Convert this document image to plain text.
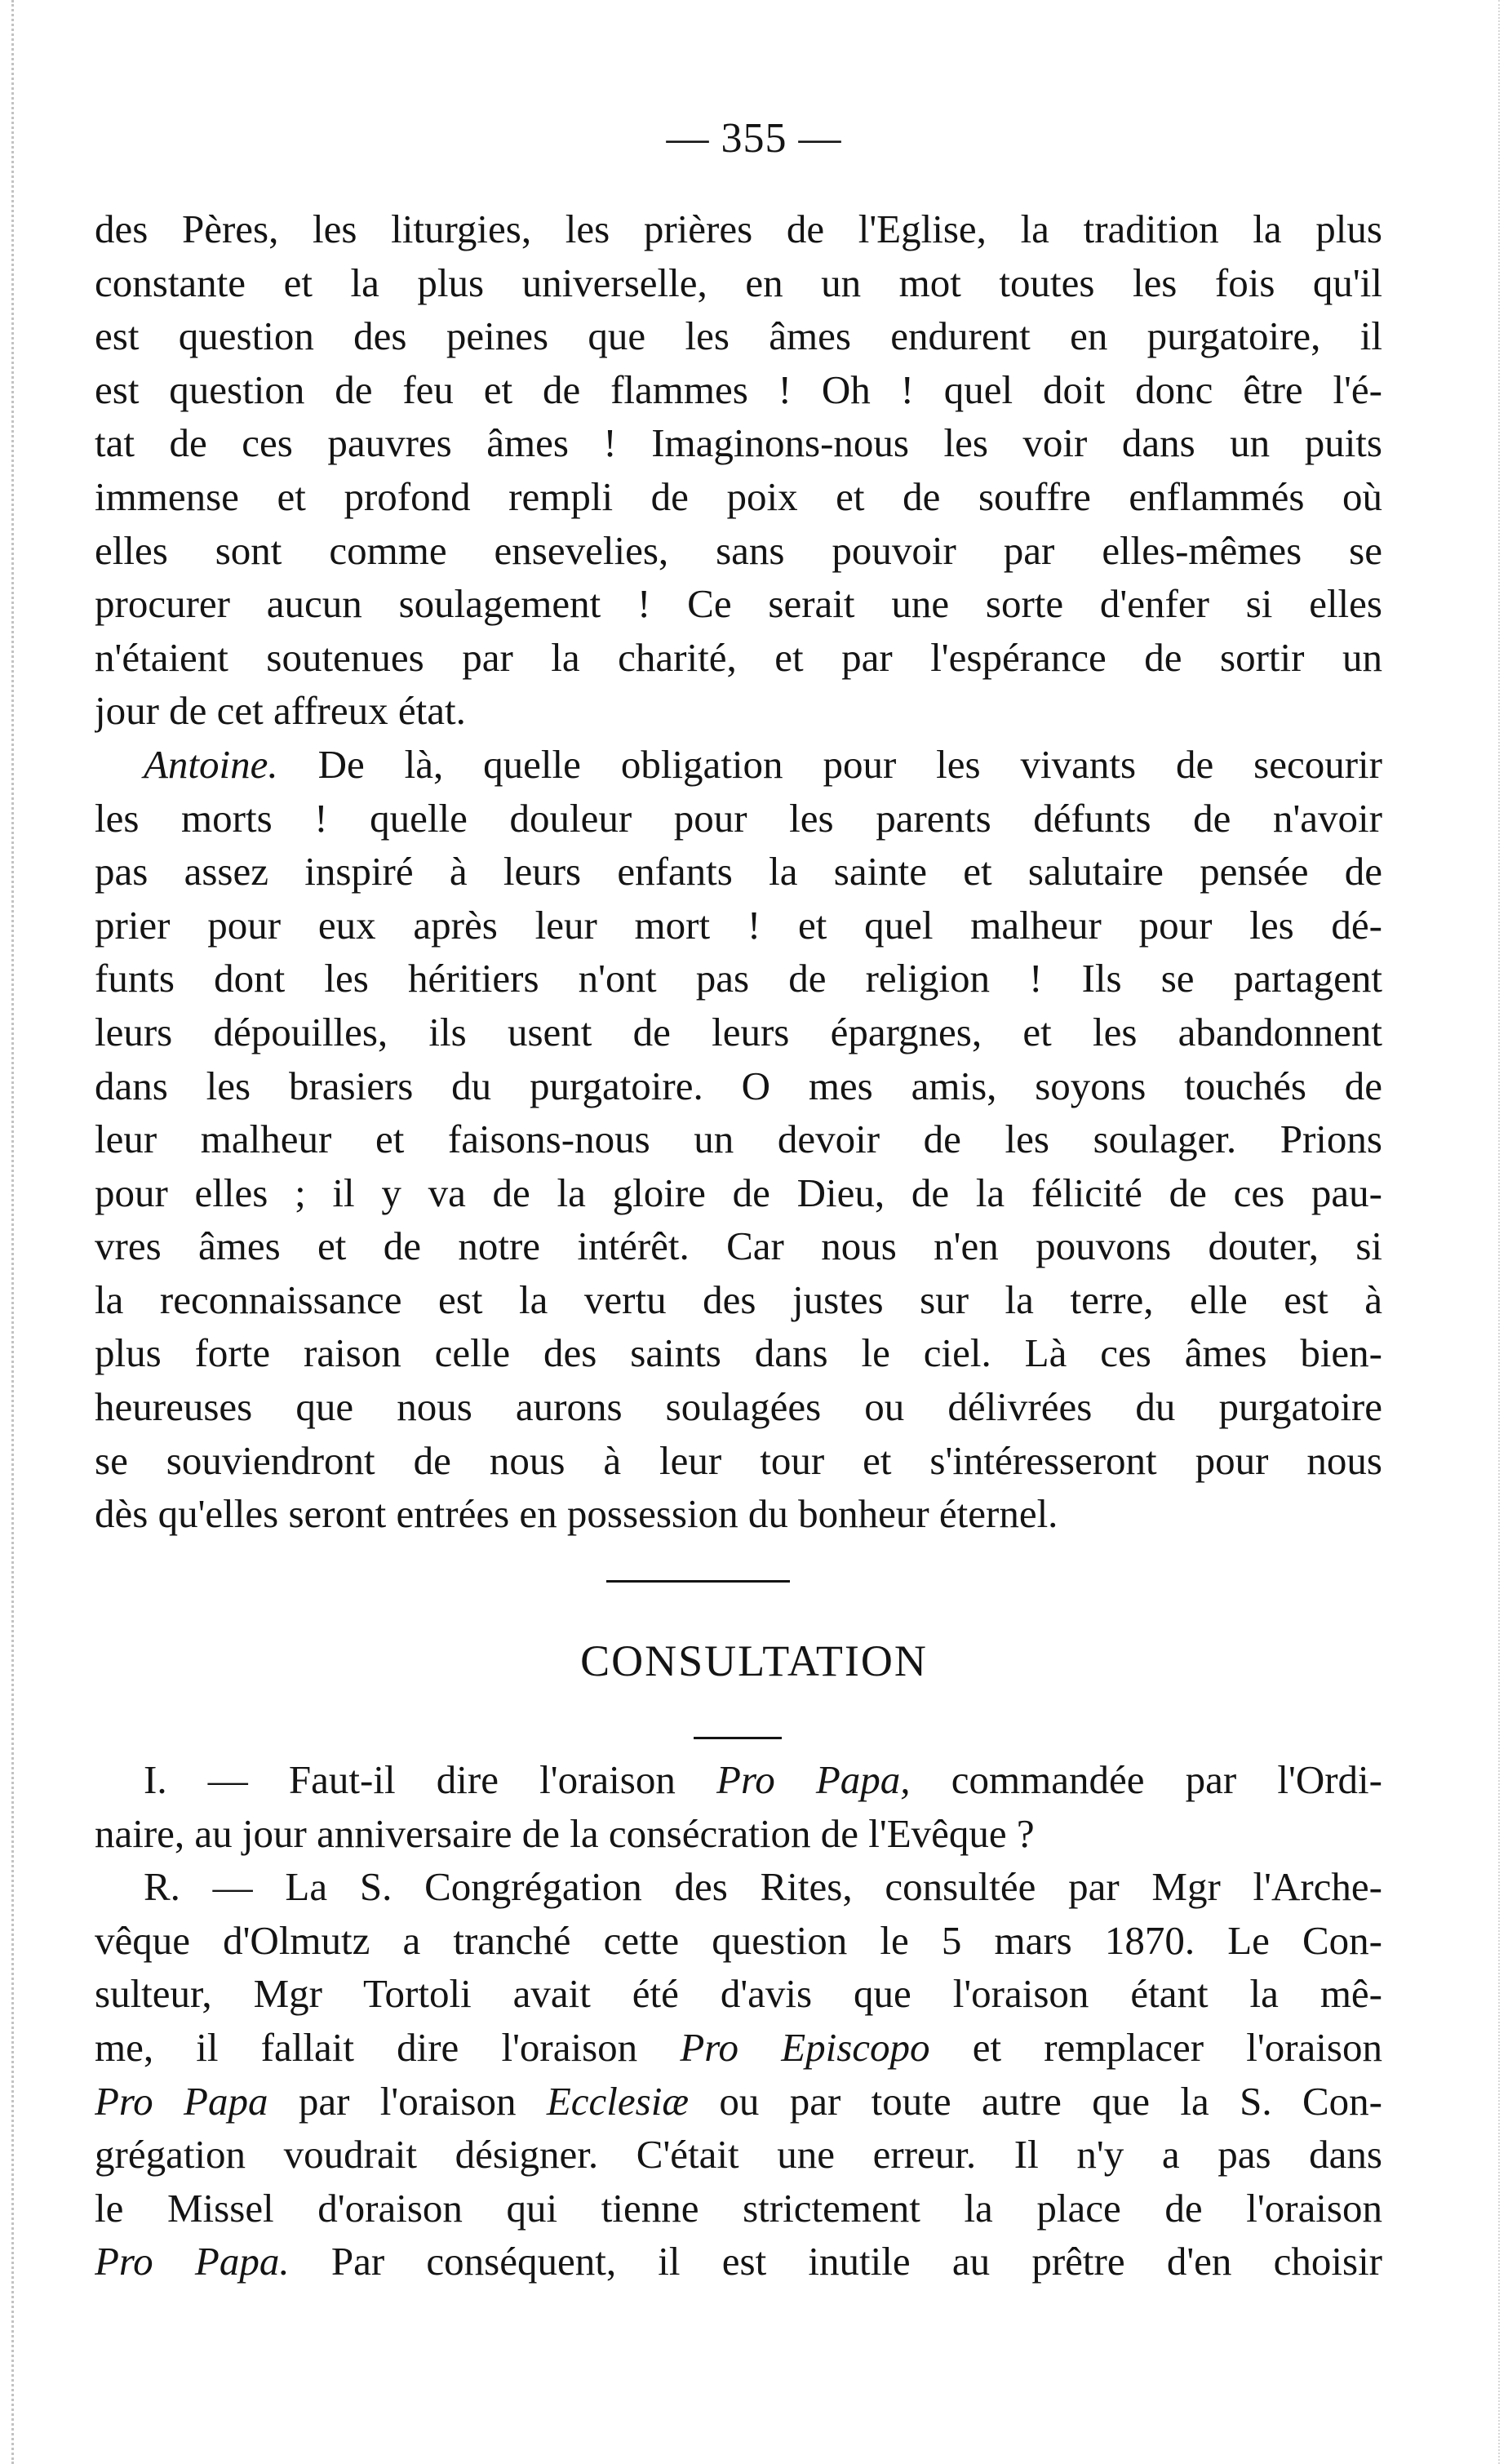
— 355 —
des Pères, les liturgies, les prières de l'Eglise, la tradition la plus
constante et la plus universelle, en un mot toutes les fois qu'il
est question des peines que les âmes endurent en purgatoire, il
est question de feu et de flammes ! Oh ! quel doit donc être l'é-
tat de ces pauvres âmes ! Imaginons-nous les voir dans un puits
immense et profond rempli de poix et de souffre enflammés où
elles sont comme ensevelies, sans pouvoir par elles-mêmes se
procurer aucun soulagement ! Ce serait une sorte d'enfer si elles
n'étaient soutenues par la charité, et par l'espérance de sortir un
jour de cet affreux état.
Antoine. De là, quelle obligation pour les vivants de secourir
les morts ! quelle douleur pour les parents défunts de n'avoir
pas assez inspiré à leurs enfants la sainte et salutaire pensée de
prier pour eux après leur mort ! et quel malheur pour les dé-
funts dont les héritiers n'ont pas de religion ! Ils se partagent
leurs dépouilles, ils usent de leurs épargnes, et les abandonnent
dans les brasiers du purgatoire. O mes amis, soyons touchés de
leur malheur et faisons-nous un devoir de les soulager. Prions
pour elles ; il y va de la gloire de Dieu, de la félicité de ces pau-
vres âmes et de notre intérêt. Car nous n'en pouvons douter, si
la reconnaissance est la vertu des justes sur la terre, elle est à
plus forte raison celle des saints dans le ciel. Là ces âmes bien-
heureuses que nous aurons soulagées ou délivrées du purgatoire
se souviendront de nous à leur tour et s'intéresseront pour nous
dès qu'elles seront entrées en possession du bonheur éternel.
CONSULTATION
I. — Faut-il dire l'oraison Pro Papa, commandée par l'Ordi-
naire, au jour anniversaire de la consécration de l'Evêque ?
R. — La S. Congrégation des Rites, consultée par Mgr l'Arche-
vêque d'Olmutz a tranché cette question le 5 mars 1870. Le Con-
sulteur, Mgr Tortoli avait été d'avis que l'oraison étant la mê-
me, il fallait dire l'oraison Pro Episcopo et remplacer l'oraison
Pro Papa par l'oraison Ecclesiæ ou par toute autre que la S. Con-
grégation voudrait désigner. C'était une erreur. Il n'y a pas dans
le Missel d'oraison qui tienne strictement la place de l'oraison
Pro Papa. Par conséquent, il est inutile au prêtre d'en choisir
